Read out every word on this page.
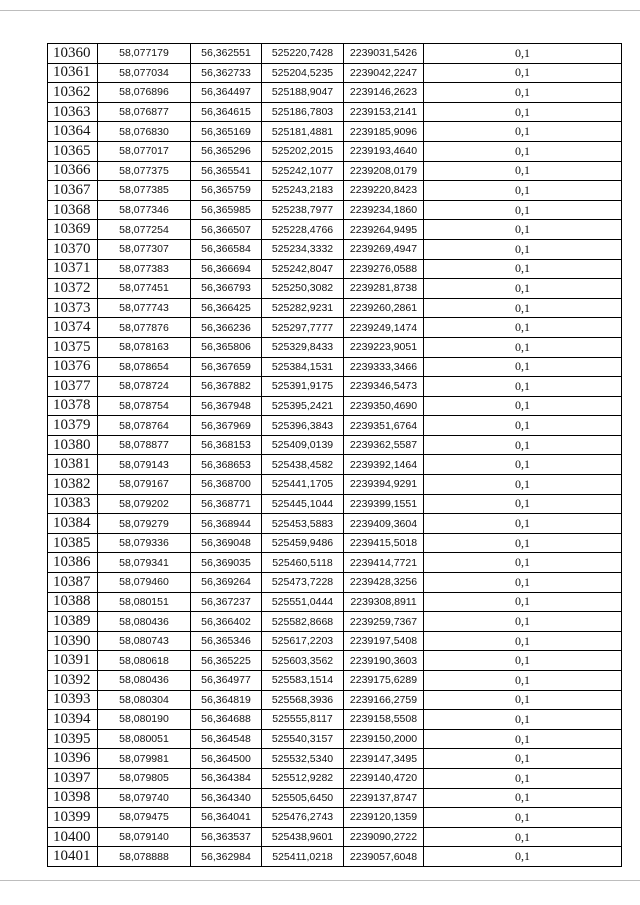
10360	58,077179	56,362551	525220,7428	2239031,5426	0,1
10361	58,077034	56,362733	525204,5235	2239042,2247	0,1
10362	58,076896	56,364497	525188,9047	2239146,2623	0,1
10363	58,076877	56,364615	525186,7803	2239153,2141	0,1
10364	58,076830	56,365169	525181,4881	2239185,9096	0,1
10365	58,077017	56,365296	525202,2015	2239193,4640	0,1
10366	58,077375	56,365541	525242,1077	2239208,0179	0,1
10367	58,077385	56,365759	525243,2183	2239220,8423	0,1
10368	58,077346	56,365985	525238,7977	2239234,1860	0,1
10369	58,077254	56,366507	525228,4766	2239264,9495	0,1
10370	58,077307	56,366584	525234,3332	2239269,4947	0,1
10371	58,077383	56,366694	525242,8047	2239276,0588	0,1
10372	58,077451	56,366793	525250,3082	2239281,8738	0,1
10373	58,077743	56,366425	525282,9231	2239260,2861	0,1
10374	58,077876	56,366236	525297,7777	2239249,1474	0,1
10375	58,078163	56,365806	525329,8433	2239223,9051	0,1
10376	58,078654	56,367659	525384,1531	2239333,3466	0,1
10377	58,078724	56,367882	525391,9175	2239346,5473	0,1
10378	58,078754	56,367948	525395,2421	2239350,4690	0,1
10379	58,078764	56,367969	525396,3843	2239351,6764	0,1
10380	58,078877	56,368153	525409,0139	2239362,5587	0,1
10381	58,079143	56,368653	525438,4582	2239392,1464	0,1
10382	58,079167	56,368700	525441,1705	2239394,9291	0,1
10383	58,079202	56,368771	525445,1044	2239399,1551	0,1
10384	58,079279	56,368944	525453,5883	2239409,3604	0,1
10385	58,079336	56,369048	525459,9486	2239415,5018	0,1
10386	58,079341	56,369035	525460,5118	2239414,7721	0,1
10387	58,079460	56,369264	525473,7228	2239428,3256	0,1
10388	58,080151	56,367237	525551,0444	2239308,8911	0,1
10389	58,080436	56,366402	525582,8668	2239259,7367	0,1
10390	58,080743	56,365346	525617,2203	2239197,5408	0,1
10391	58,080618	56,365225	525603,3562	2239190,3603	0,1
10392	58,080436	56,364977	525583,1514	2239175,6289	0,1
10393	58,080304	56,364819	525568,3936	2239166,2759	0,1
10394	58,080190	56,364688	525555,8117	2239158,5508	0,1
10395	58,080051	56,364548	525540,3157	2239150,2000	0,1
10396	58,079981	56,364500	525532,5340	2239147,3495	0,1
10397	58,079805	56,364384	525512,9282	2239140,4720	0,1
10398	58,079740	56,364340	525505,6450	2239137,8747	0,1
10399	58,079475	56,364041	525476,2743	2239120,1359	0,1
10400	58,079140	56,363537	525438,9601	2239090,2722	0,1
10401	58,078888	56,362984	525411,0218	2239057,6048	0,1
